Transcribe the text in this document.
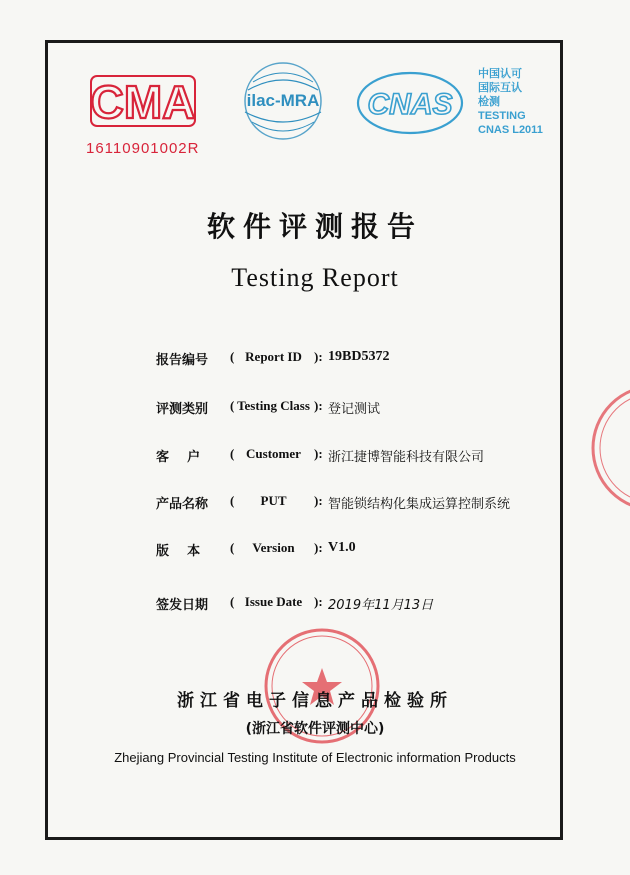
CMA
16110901002R
ilac-MRA CNAS
中国认可
国际互认
检测
TESTING
CNAS L2011
软件评测报告
Testing Report
报告编号	( Report ID ): 19BD5372
评测类别	( Testing Class ): 登记测试
客    户	( Customer	): 浙江捷博智能科技有限公司
产品名称	(	PUT	): 智能锁结构化集成运算控制系统
版    本	(	Version	): V1.0
签发日期	( Issue Date ): 2019年11月13日
浙江省电子信息产品检验所
(浙江省软件评测中心)
Zhejiang Provincial Testing Institute of Electronic information Products
